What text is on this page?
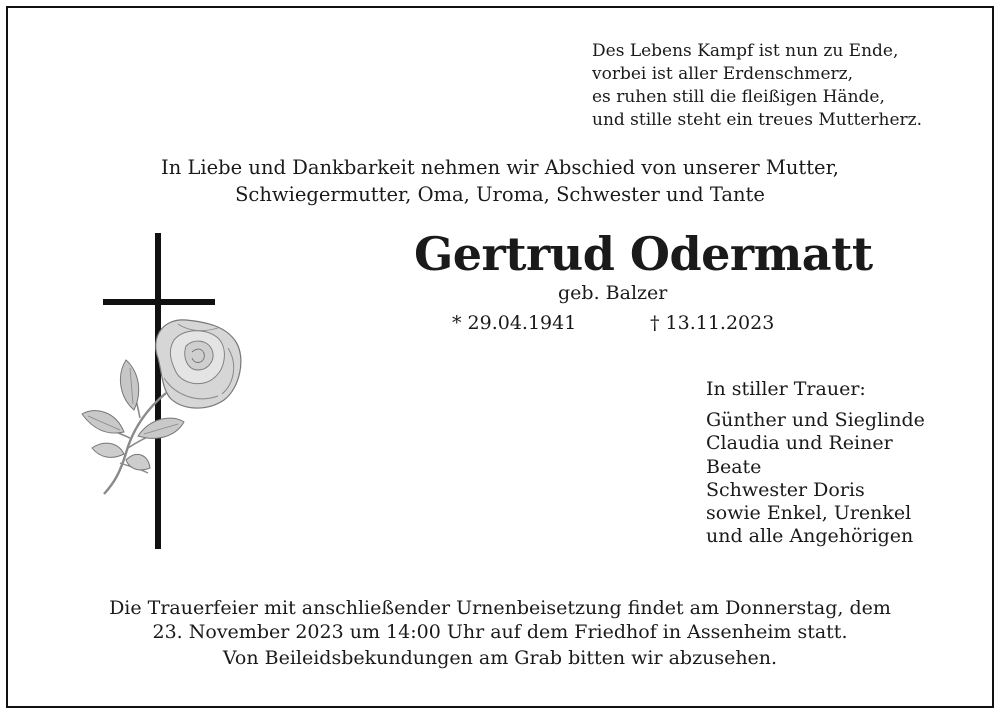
Des Lebens Kampf ist nun zu Ende,
vorbei ist aller Erdenschmerz,
es ruhen still die fleißigen Hände,
und stille steht ein treues Mutterherz.
In Liebe und Dankbarkeit nehmen wir Abschied von unserer Mutter,
Schwiegermutter, Oma, Uroma, Schwester und Tante
Gertrud Odermatt
geb. Balzer
* 29.04.1941	† 13.11.2023
In stiller Trauer:
Günther und Sieglinde
Claudia und Reiner
Beate
Schwester Doris
sowie Enkel, Urenkel
und alle Angehörigen
Die Trauerfeier mit anschließender Urnenbeisetzung findet am Donnerstag, dem
23. November 2023 um 14:00 Uhr auf dem Friedhof in Assenheim statt.
Von Beileidsbekundungen am Grab bitten wir abzusehen.
